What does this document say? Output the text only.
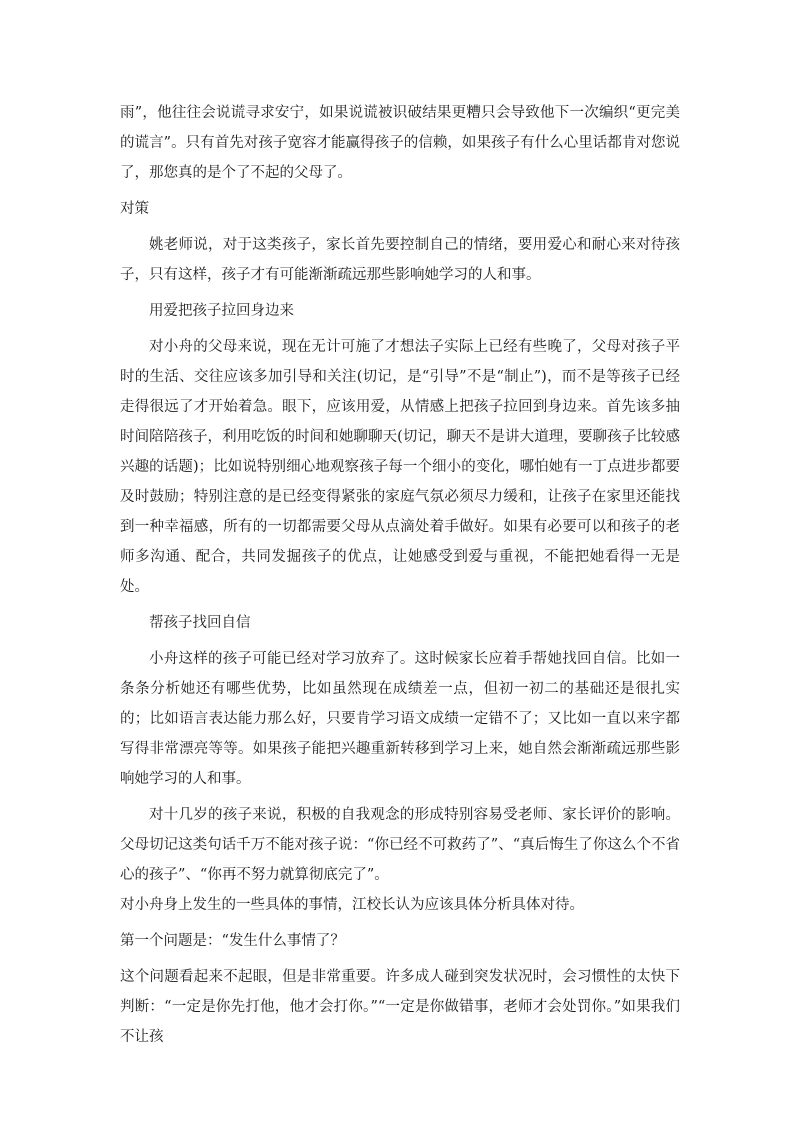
雨”，他往往会说谎寻求安宁，如果说谎被识破结果更糟只会导致他下一次编织“更完美的谎言”。只有首先对孩子宽容才能赢得孩子的信赖，如果孩子有什么心里话都肯对您说了，那您真的是个了不起的父母了。

对策

姚老师说，对于这类孩子，家长首先要控制自己的情绪，要用爱心和耐心来对待孩子，只有这样，孩子才有可能渐渐疏远那些影响她学习的人和事。

用爱把孩子拉回身边来

对小舟的父母来说，现在无计可施了才想法子实际上已经有些晚了，父母对孩子平时的生活、交往应该多加引导和关注(切记，是“引导”不是“制止”)，而不是等孩子已经走得很远了才开始着急。眼下，应该用爱，从情感上把孩子拉回到身边来。首先该多抽时间陪陪孩子，利用吃饭的时间和她聊聊天(切记，聊天不是讲大道理，要聊孩子比较感兴趣的话题)；比如说特别细心地观察孩子每一个细小的变化，哪怕她有一丁点进步都要及时鼓励；特别注意的是已经变得紧张的家庭气氛必须尽力缓和，让孩子在家里还能找到一种幸福感，所有的一切都需要父母从点滴处着手做好。如果有必要可以和孩子的老师多沟通、配合，共同发掘孩子的优点，让她感受到爱与重视，不能把她看得一无是处。

帮孩子找回自信

小舟这样的孩子可能已经对学习放弃了。这时候家长应着手帮她找回自信。比如一条条分析她还有哪些优势，比如虽然现在成绩差一点，但初一初二的基础还是很扎实的；比如语言表达能力那么好，只要肯学习语文成绩一定错不了；又比如一直以来字都写得非常漂亮等等。如果孩子能把兴趣重新转移到学习上来，她自然会渐渐疏远那些影响她学习的人和事。

对十几岁的孩子来说，积极的自我观念的形成特别容易受老师、家长评价的影响。父母切记这类句话千万不能对孩子说：“你已经不可救药了”、“真后悔生了你这么个不省心的孩子”、“你再不努力就算彻底完了”。

对小舟身上发生的一些具体的事情，江校长认为应该具体分析具体对待。

第一个问题是：“发生什么事情了？

这个问题看起来不起眼，但是非常重要。许多成人碰到突发状况时，会习惯性的太快下判断：“一定是你先打他，他才会打你。”“一定是你做错事，老师才会处罚你。”如果我们不让孩
